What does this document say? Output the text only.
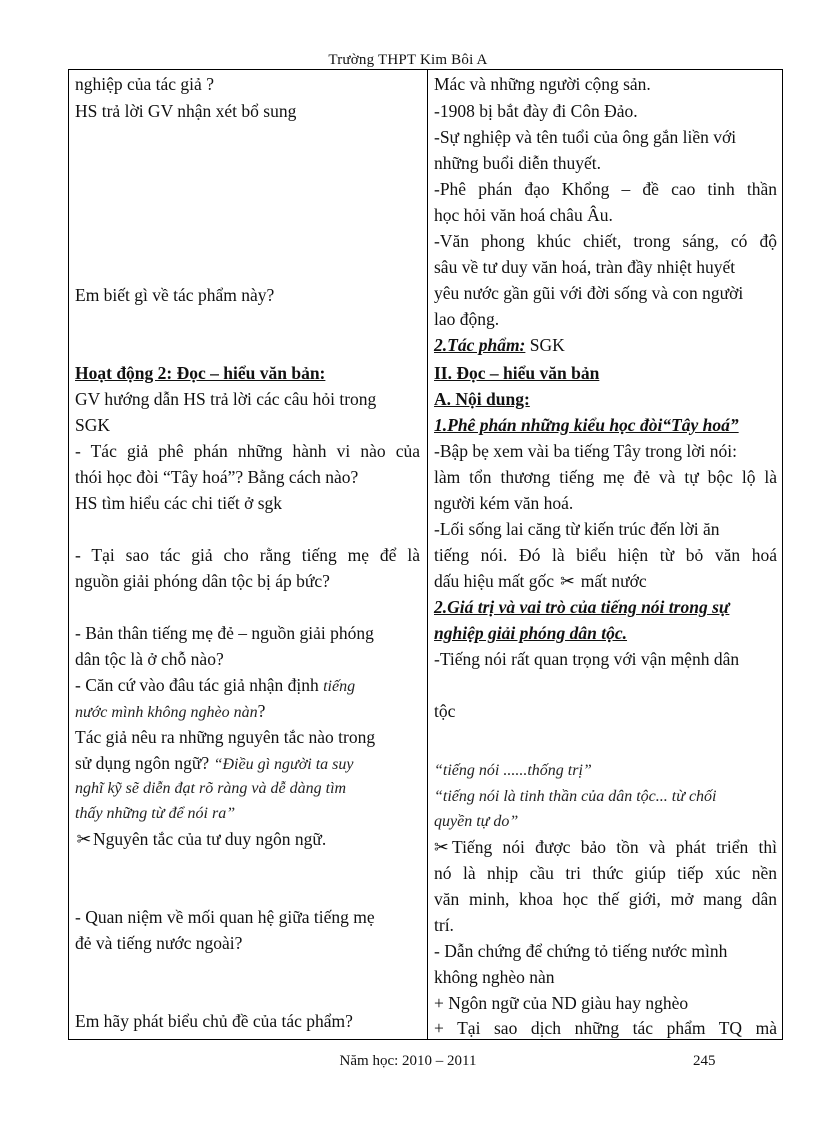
Trường THPT Kim Bôi A
nghiệp của tác giả ?
HS trả lời GV nhận xét bổ sung
Em biết gì về tác phẩm này?
Hoạt động 2: Đọc – hiểu văn bản:
GV hướng dẫn HS trả lời các câu hỏi trong
SGK
- Tác giả phê phán những hành vi nào của
thói học đòi “Tây hoá”? Bằng cách nào?
HS tìm hiểu các chi tiết ở sgk
- Tại sao tác giả cho rằng tiếng mẹ để là
nguồn giải phóng dân tộc bị áp bức?
- Bản thân tiếng mẹ đẻ – nguồn giải phóng
dân tộc là ở chỗ nào?
- Căn cứ vào đâu tác giả nhận định tiếng
nước mình không nghèo nàn?
Tác giả nêu ra những nguyên tắc nào trong
sử dụng ngôn ngữ? “Điều gì người ta suy
nghĩ kỹ sẽ diễn đạt rõ ràng và dễ dàng tìm
thấy những từ để nói ra”
✂Nguyên tắc của tư duy ngôn ngữ.
- Quan niệm về mối quan hệ giữa tiếng mẹ
đẻ và tiếng nước ngoài?
Em hãy phát biểu chủ đề của tác phẩm?
Mác và những người cộng sản.
-1908 bị bắt đày đi Côn Đảo.
-Sự nghiệp và tên tuổi của ông gắn liền với
những buổi diễn thuyết.
-Phê phán đạo Khổng – đề cao tinh thần
học hỏi văn hoá châu Âu.
-Văn phong khúc chiết, trong sáng, có độ
sâu về tư duy văn hoá, tràn đầy nhiệt huyết
yêu nước gần gũi với đời sống và con người
lao động.
2.Tác phẩm: SGK
II. Đọc – hiểu văn bản
A. Nội dung:
1.Phê phán những kiểu học đòi“Tây hoá”
-Bập bẹ xem vài ba tiếng Tây trong lời nói:
làm tổn thương tiếng mẹ đẻ và tự bộc lộ là
người kém văn hoá.
-Lối sống lai căng từ kiến trúc đến lời ăn
tiếng nói. Đó là biểu hiện từ bỏ văn hoá
dấu hiệu mất gốc ✂ mất nước
2.Giá trị và vai trò của tiếng nói trong sự
nghiệp giải phóng dân tộc.
-Tiếng nói rất quan trọng với vận mệnh dân
tộc
“tiếng nói ......thống trị”
“tiếng nói là tinh thần của dân tộc... từ chối
quyền tự do”
✂ Tiếng nói được bảo tồn và phát triển thì
nó là nhịp cầu tri thức giúp tiếp xúc nền
văn minh, khoa học thế giới, mở mang dân
trí.
- Dẫn chứng để chứng tỏ tiếng nước mình
không nghèo nàn
+ Ngôn ngữ của ND giàu hay nghèo
+ Tại sao dịch những tác phẩm TQ mà
Năm học: 2010 – 2011	245
